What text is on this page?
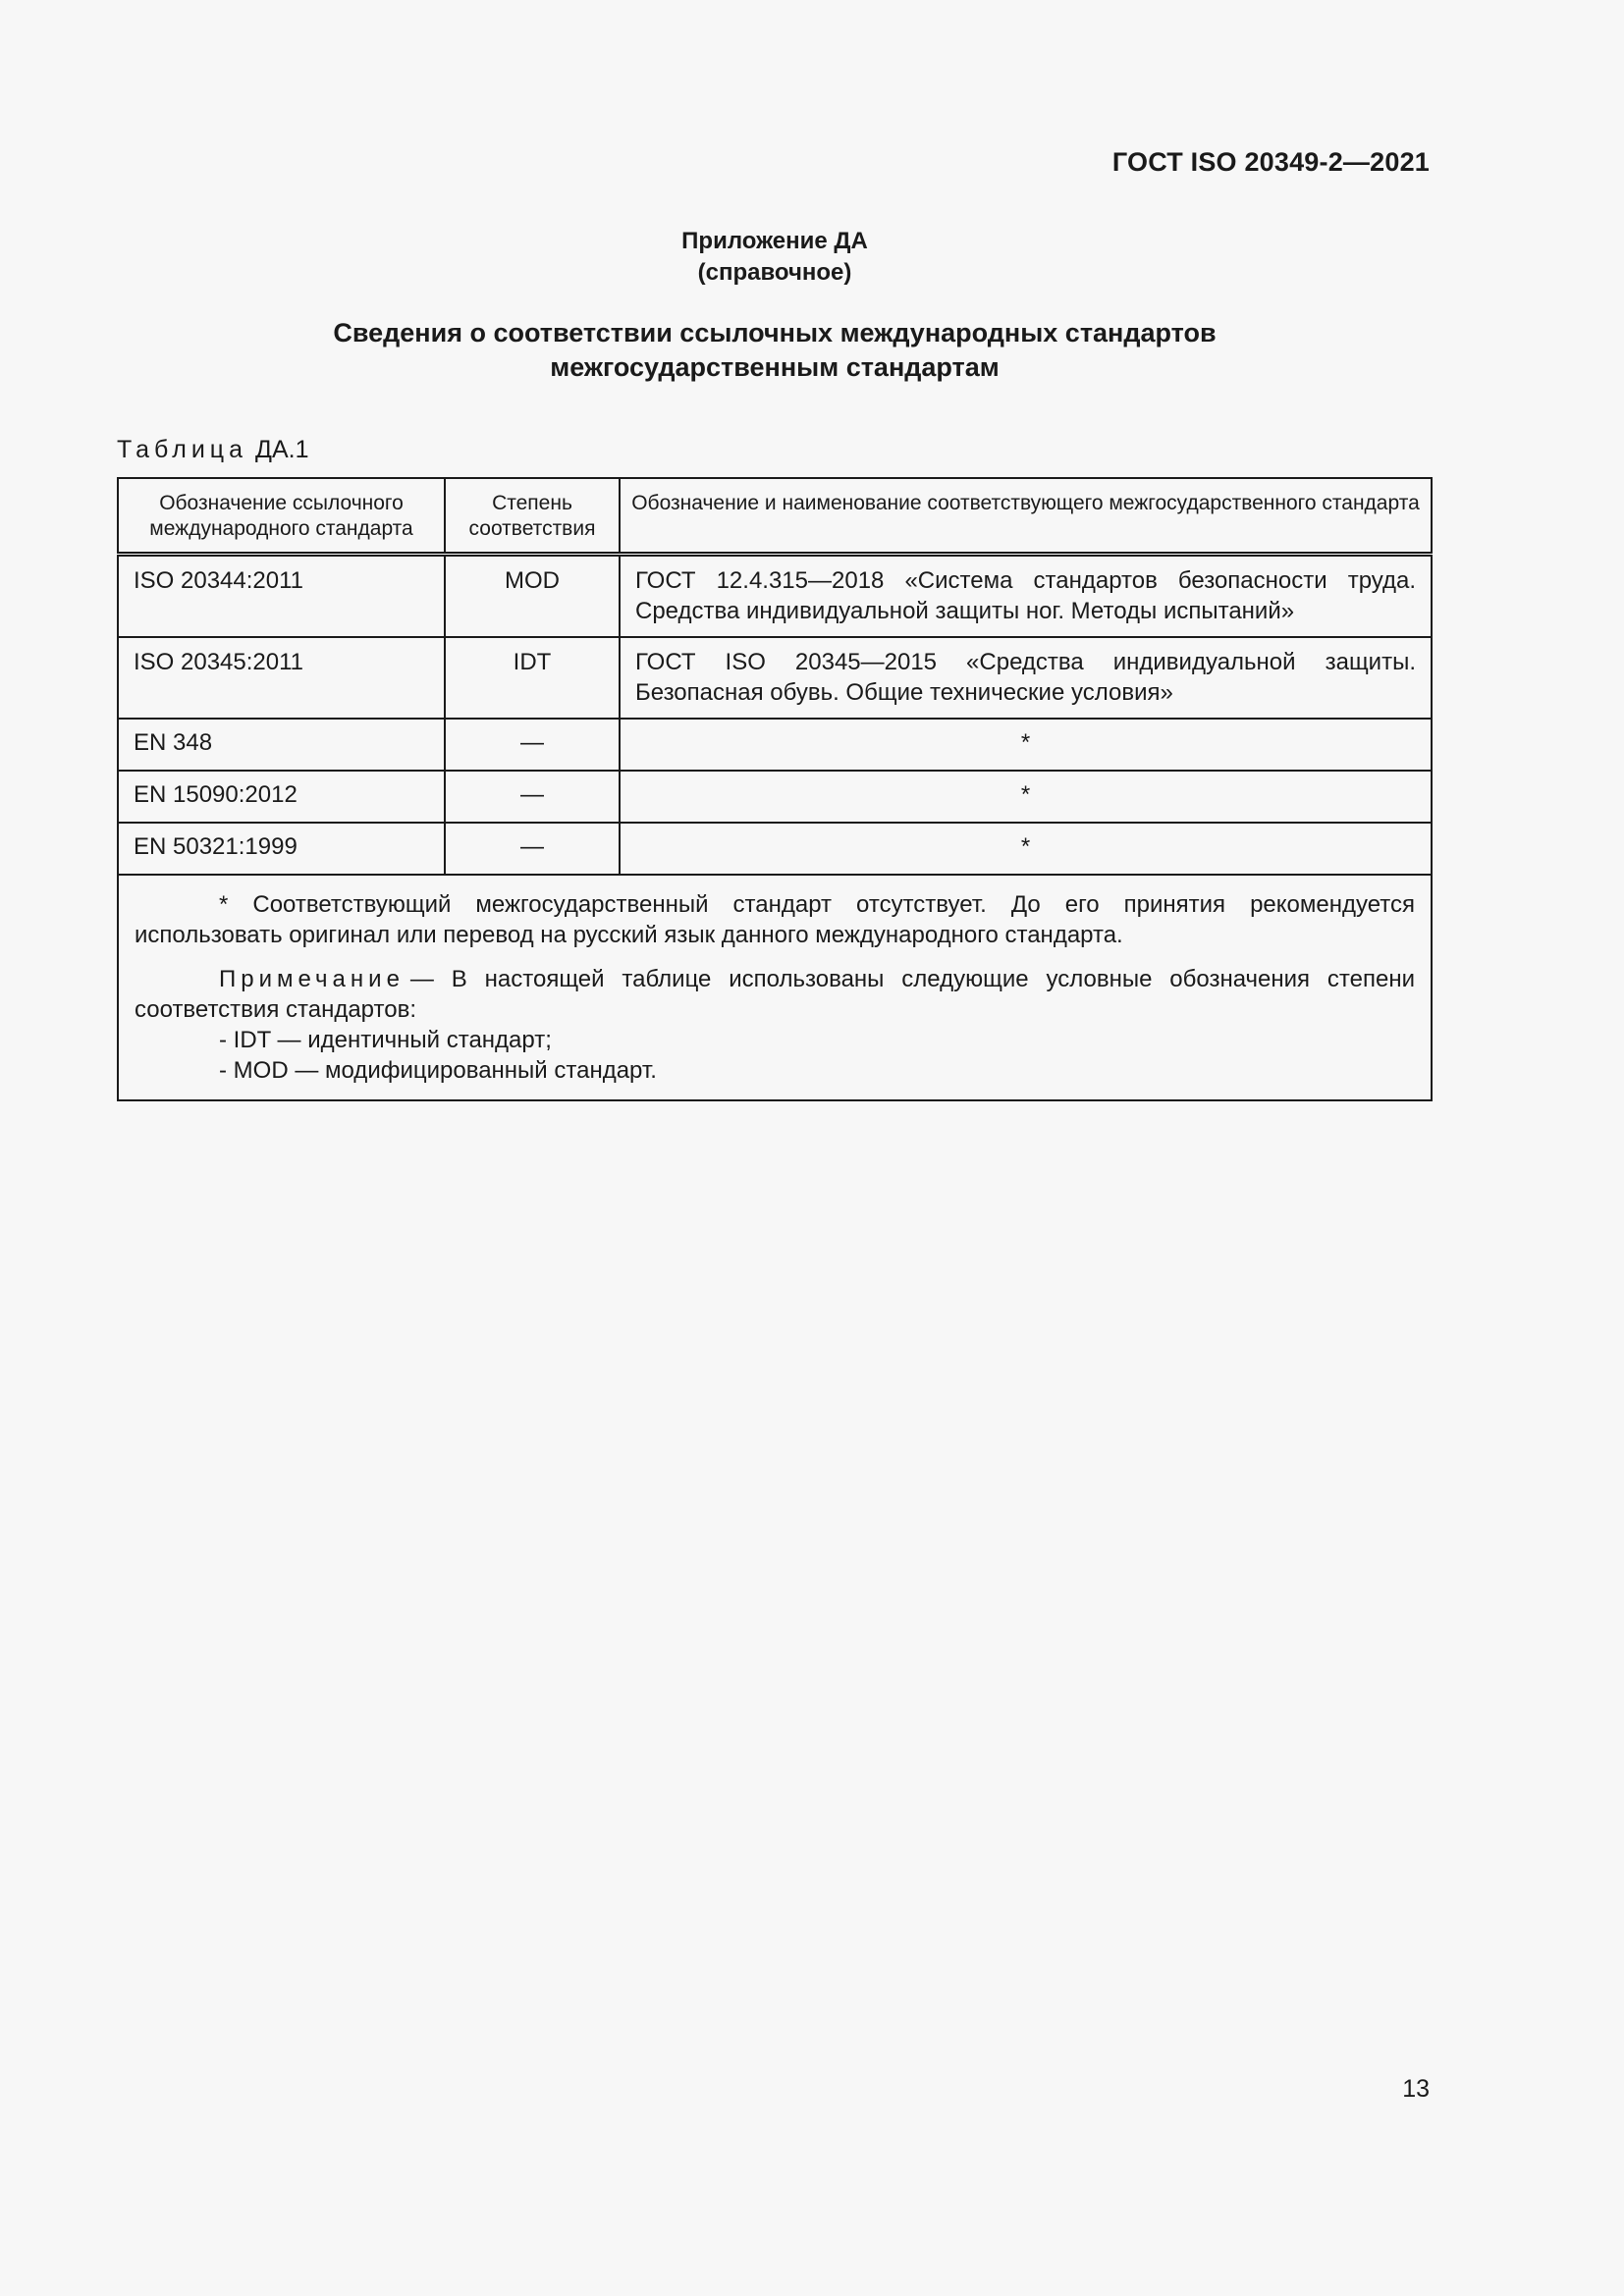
ГОСТ ISO 20349-2—2021
Приложение ДА
(справочное)
Сведения о соответствии ссылочных международных стандартов
межгосударственным стандартам
Таблица ДА.1
Обозначение ссылочного международного стандарта	Степень соответствия	Обозначение и наименование соответствующего межгосударственного стандарта
ISO 20344:2011	MOD	ГОСТ 12.4.315—2018 «Система стандартов безопасности труда. Средства индивидуальной защиты ног. Методы испытаний»
ISO 20345:2011	IDT	ГОСТ ISO 20345—2015 «Средства индивидуальной защиты. Безопасная обувь. Общие технические условия»
EN 348	—	*
EN 15090:2012	—	*
EN 50321:1999	—	*

* Соответствующий межгосударственный стандарт отсутствует. До его принятия рекомендуется использовать оригинал или перевод на русский язык данного международного стандарта.

Примечание — В настоящей таблице использованы следующие условные обозначения степени соответствия стандартов:

- IDT — идентичный стандарт;

- MOD — модифицированный стандарт.		

13
